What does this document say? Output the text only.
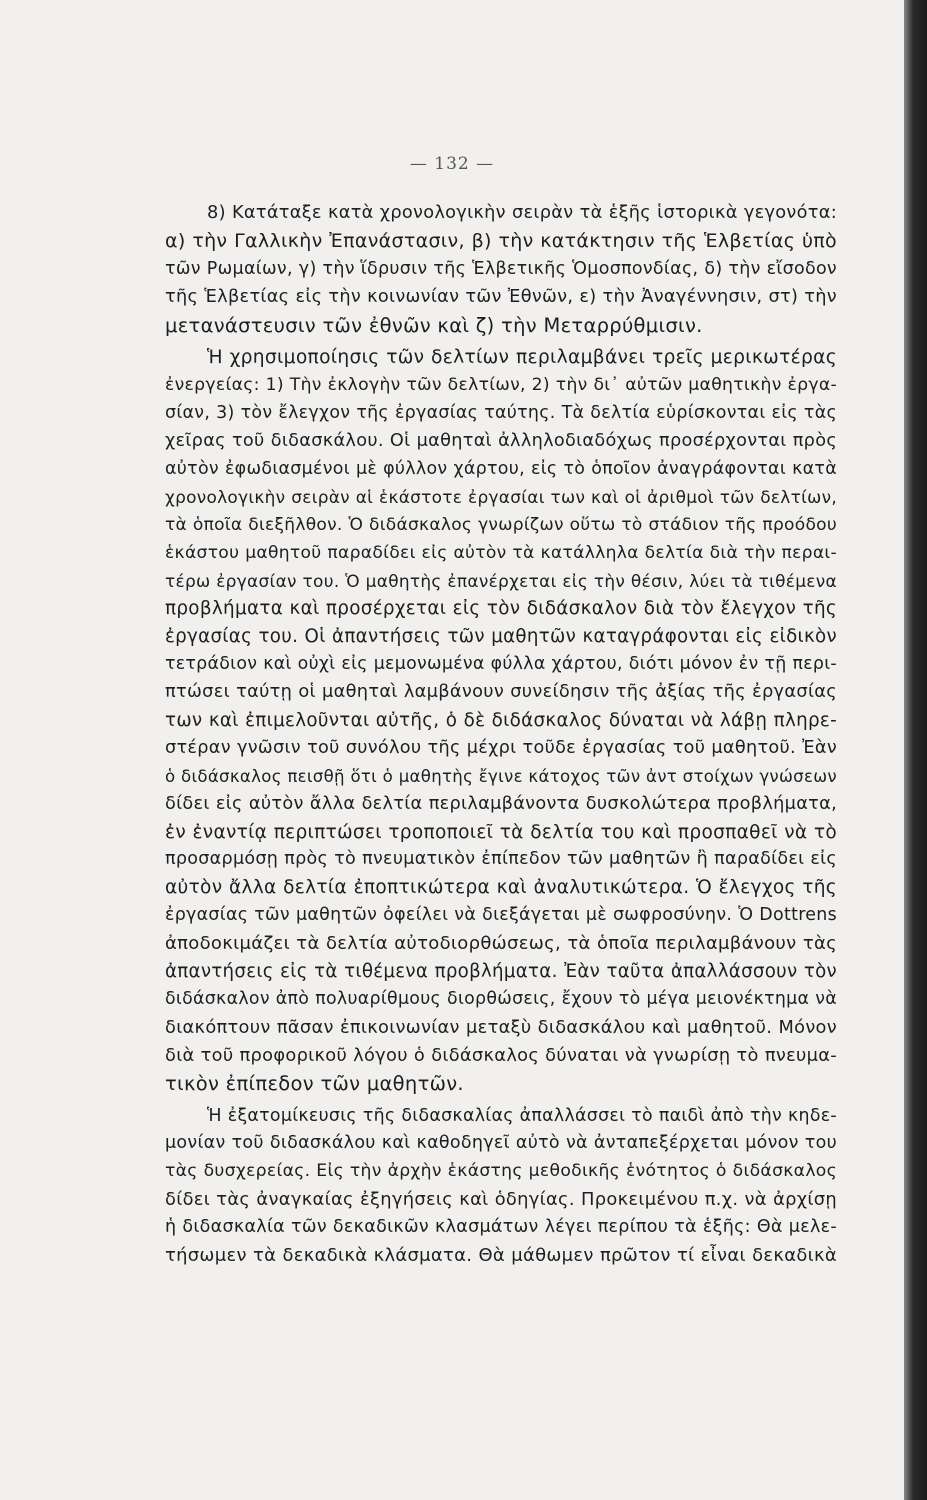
— 132 —
8) Κατάταξε κατὰ χρονολογικὴν σειρὰν τὰ ἑξῆς ἱστορικὰ γεγονότα:
α) τὴν Γαλλικὴν Ἐπανάστασιν, β) τὴν κατάκτησιν τῆς Ἑλβετίας ὑπὸ
τῶν Ρωμαίων, γ) τὴν ἵδρυσιν τῆς Ἑλβετικῆς Ὁμοσπονδίας, δ) τὴν εἴσοδον
τῆς Ἑλβετίας εἰς τὴν κοινωνίαν τῶν Ἐθνῶν, ε) τὴν Ἀναγέννησιν, στ) τὴν
μετανάστευσιν τῶν ἐθνῶν καὶ ζ) τὴν Μεταρρύθμισιν.
Ἡ χρησιμοποίησις τῶν δελτίων περιλαμβάνει τρεῖς μερικωτέρας
ἐνεργείας: 1) Τὴν ἐκλογὴν τῶν δελτίων, 2) τὴν δι᾽ αὐτῶν μαθητικὴν ἐργα-
σίαν, 3) τὸν ἔλεγχον τῆς ἐργασίας ταύτης. Τὰ δελτία εὑρίσκονται εἰς τὰς
χεῖρας τοῦ διδασκάλου. Οἱ μαθηταὶ ἀλληλοδιαδόχως προσέρχονται πρὸς
αὐτὸν ἐφωδιασμένοι μὲ φύλλον χάρτου, εἰς τὸ ὁποῖον ἀναγράφονται κατὰ
χρονολογικὴν σειρὰν αἱ ἑκάστοτε ἐργασίαι των καὶ οἱ ἀριθμοὶ τῶν δελτίων,
τὰ ὁποῖα διεξῆλθον. Ὁ διδάσκαλος γνωρίζων οὕτω τὸ στάδιον τῆς προόδου
ἑκάστου μαθητοῦ παραδίδει εἰς αὐτὸν τὰ κατάλληλα δελτία διὰ τὴν περαι-
τέρω ἐργασίαν του. Ὁ μαθητὴς ἐπανέρχεται εἰς τὴν θέσιν, λύει τὰ τιθέμενα
προβλήματα καὶ προσέρχεται εἰς τὸν διδάσκαλον διὰ τὸν ἔλεγχον τῆς
ἐργασίας του. Οἱ ἀπαντήσεις τῶν μαθητῶν καταγράφονται εἰς εἰδικὸν
τετράδιον καὶ οὐχὶ εἰς μεμονωμένα φύλλα χάρτου, διότι μόνον ἐν τῇ περι-
πτώσει ταύτῃ οἱ μαθηταὶ λαμβάνουν συνείδησιν τῆς ἀξίας τῆς ἐργασίας
των καὶ ἐπιμελοῦνται αὐτῆς, ὁ δὲ διδάσκαλος δύναται νὰ λάβῃ πληρε-
στέραν γνῶσιν τοῦ συνόλου τῆς μέχρι τοῦδε ἐργασίας τοῦ μαθητοῦ. Ἐὰν
ὁ διδάσκαλος πεισθῇ ὅτι ὁ μαθητὴς ἔγινε κάτοχος τῶν ἀντ στοίχων γνώσεων
δίδει εἰς αὐτὸν ἄλλα δελτία περιλαμβάνοντα δυσκολώτερα προβλήματα,
ἐν ἐναντίᾳ περιπτώσει τροποποιεῖ τὰ δελτία του καὶ προσπαθεῖ νὰ τὸ
προσαρμόσῃ πρὸς τὸ πνευματικὸν ἐπίπεδον τῶν μαθητῶν ἢ παραδίδει εἰς
αὐτὸν ἄλλα δελτία ἐποπτικώτερα καὶ ἀναλυτικώτερα. Ὁ ἔλεγχος τῆς
ἐργασίας τῶν μαθητῶν ὀφείλει νὰ διεξάγεται μὲ σωφροσύνην. Ὁ Dottrens
ἀποδοκιμάζει τὰ δελτία αὐτοδιορθώσεως, τὰ ὁποῖα περιλαμβάνουν τὰς
ἀπαντήσεις εἰς τὰ τιθέμενα προβλήματα. Ἐὰν ταῦτα ἀπαλλάσσουν τὸν
διδάσκαλον ἀπὸ πολυαρίθμους διορθώσεις, ἔχουν τὸ μέγα μειονέκτημα νὰ
διακόπτουν πᾶσαν ἐπικοινωνίαν μεταξὺ διδασκάλου καὶ μαθητοῦ. Μόνον
διὰ τοῦ προφορικοῦ λόγου ὁ διδάσκαλος δύναται νὰ γνωρίσῃ τὸ πνευμα-
τικὸν ἐπίπεδον τῶν μαθητῶν.
Ἡ ἐξατομίκευσις τῆς διδασκαλίας ἀπαλλάσσει τὸ παιδὶ ἀπὸ τὴν κηδε-
μονίαν τοῦ διδασκάλου καὶ καθοδηγεῖ αὐτὸ νὰ ἀνταπεξέρχεται μόνον του
τὰς δυσχερείας. Εἰς τὴν ἀρχὴν ἑκάστης μεθοδικῆς ἑνότητος ὁ διδάσκαλος
δίδει τὰς ἀναγκαίας ἐξηγήσεις καὶ ὁδηγίας. Προκειμένου π.χ. νὰ ἀρχίσῃ
ἡ διδασκαλία τῶν δεκαδικῶν κλασμάτων λέγει περίπου τὰ ἑξῆς: Θὰ μελε-
τήσωμεν τὰ δεκαδικὰ κλάσματα. Θὰ μάθωμεν πρῶτον τί εἶναι δεκαδικὰ
